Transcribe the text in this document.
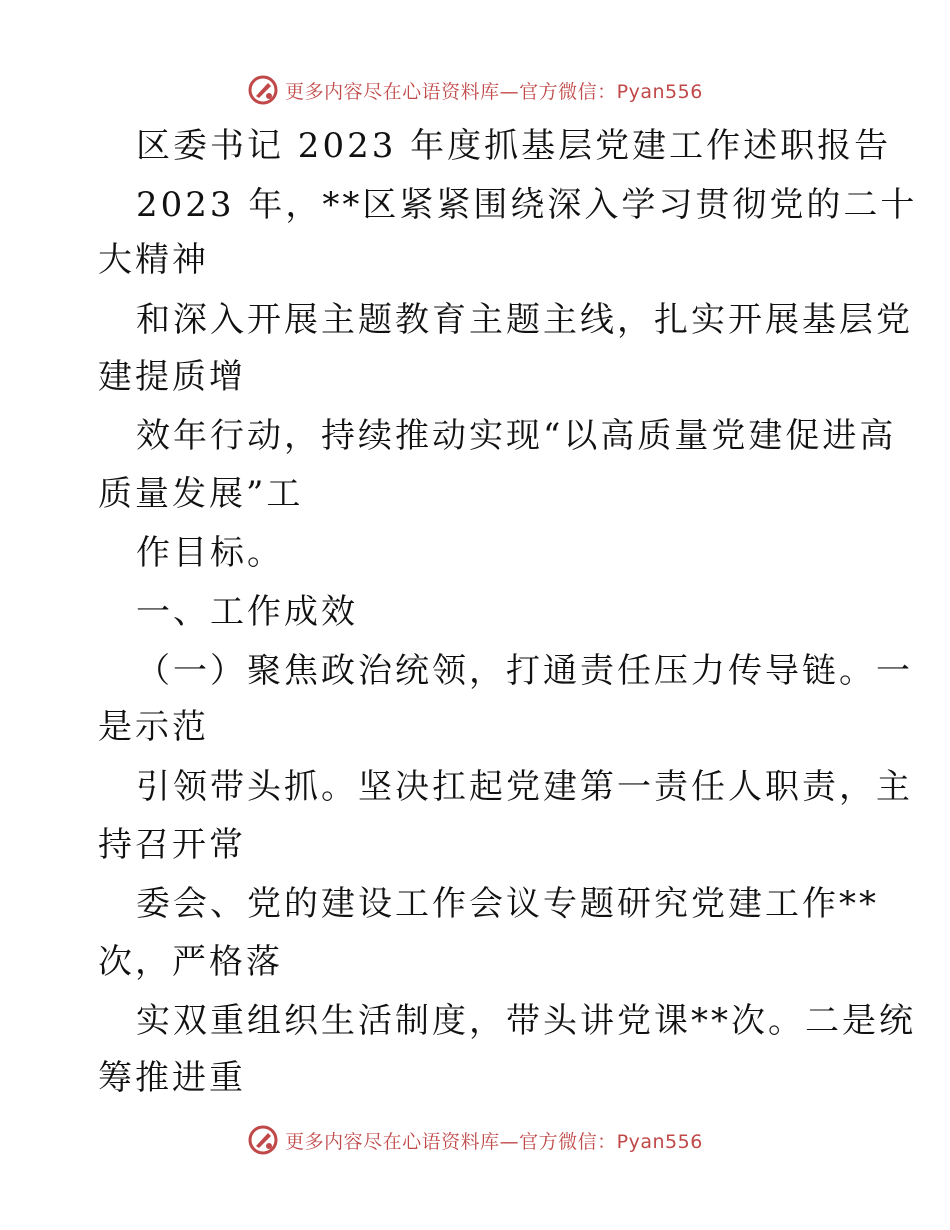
更多内容尽在心语资料库—官方微信：Pyan556
区委书记 2023 年度抓基层党建工作述职报告
2023 年，**区紧紧围绕深入学习贯彻党的二十
大精神
和深入开展主题教育主题主线，扎实开展基层党
建提质增
效年行动，持续推动实现“以高质量党建促进高
质量发展”工
作目标。
一、工作成效
（一）聚焦政治统领，打通责任压力传导链。一
是示范
引领带头抓。坚决扛起党建第一责任人职责，主
持召开常
委会、党的建设工作会议专题研究党建工作**
次，严格落
实双重组织生活制度，带头讲党课**次。二是统
筹推进重
更多内容尽在心语资料库—官方微信：Pyan556
